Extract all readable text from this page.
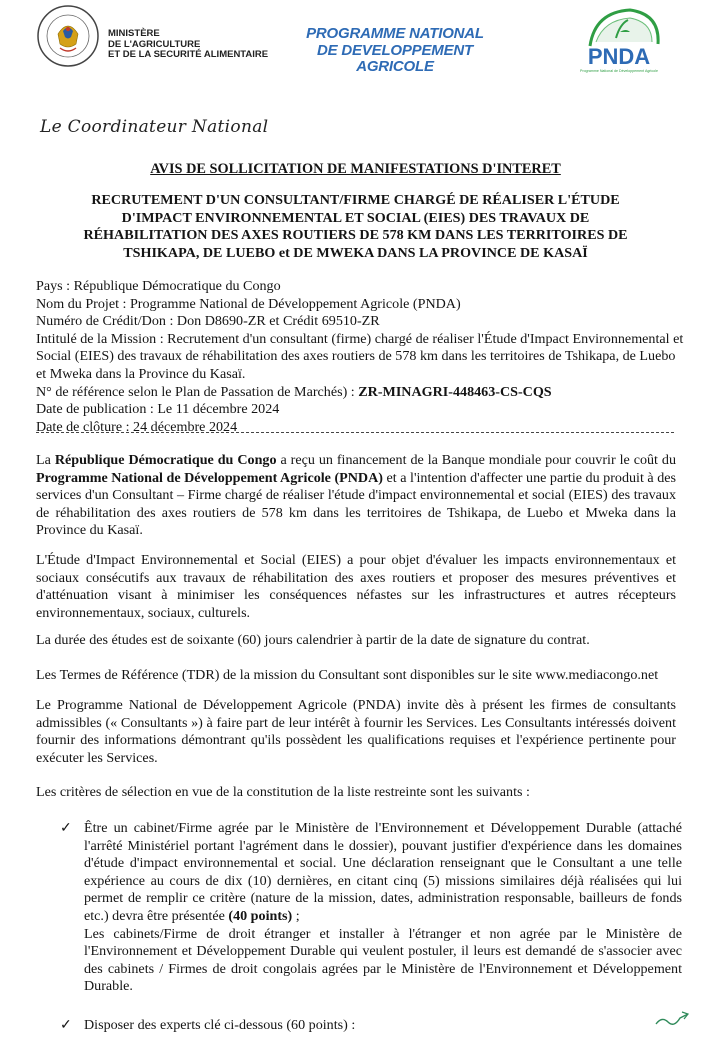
MINISTÈRE
DE L'AGRICULTURE
ET DE LA SECURITÉ ALIMENTAIRE
PROGRAMME NATIONAL
DE DEVELOPPEMENT
AGRICOLE	PNDA
Programme National de Développement Agricole
Le Coordinateur National
AVIS DE SOLLICITATION DE MANIFESTATIONS D'INTERET
RECRUTEMENT D'UN CONSULTANT/FIRME CHARGÉ DE RÉALISER L'ÉTUDE
D'IMPACT ENVIRONNEMENTAL ET SOCIAL (EIES) DES TRAVAUX DE
RÉHABILITATION DES AXES ROUTIERS DE 578 KM DANS LES TERRITOIRES DE
TSHIKAPA, DE LUEBO et DE MWEKA DANS LA PROVINCE DE KASAÏ
Pays : République Démocratique du Congo
Nom du Projet : Programme National de Développement Agricole (PNDA)
Numéro de Crédit/Don : Don D8690-ZR et Crédit 69510-ZR
Intitulé de la Mission : Recrutement d'un consultant (firme) chargé de réaliser l'Étude d'Impact Environnemental et Social (EIES) des travaux de réhabilitation des axes routiers de 578 km dans les territoires de Tshikapa, de Luebo et Mweka dans la Province du Kasaï.
N° de référence selon le Plan de Passation de Marchés) : ZR-MINAGRI-448463-CS-CQS
Date de publication : Le 11 décembre 2024
Date de clôture : 24 décembre 2024
La République Démocratique du Congo a reçu un financement de la Banque mondiale pour couvrir le coût du Programme National de Développement Agricole (PNDA) et a l'intention d'affecter une partie du produit à des services d'un Consultant – Firme chargé de réaliser l'étude d'impact environnemental et social (EIES) des travaux de réhabilitation des axes routiers de 578 km dans les territoires de Tshikapa, de Luebo et Mweka dans la Province du Kasaï.
L'Étude d'Impact Environnemental et Social (EIES) a pour objet d'évaluer les impacts environnementaux et sociaux consécutifs aux travaux de réhabilitation des axes routiers et proposer des mesures préventives et d'atténuation visant à minimiser les conséquences néfastes sur les infrastructures et autres récepteurs environnementaux, sociaux, culturels.
La durée des études est de soixante (60) jours calendrier à partir de la date de signature du contrat.
Les Termes de Référence (TDR) de la mission du Consultant sont disponibles sur le site www.mediacongo.net
Le Programme National de Développement Agricole (PNDA) invite dès à présent les firmes de consultants admissibles (« Consultants ») à faire part de leur intérêt à fournir les Services. Les Consultants intéressés doivent fournir des informations démontrant qu'ils possèdent les qualifications requises et l'expérience pertinente pour exécuter les Services.
Les critères de sélection en vue de la constitution de la liste restreinte sont les suivants :
✓ Être un cabinet/Firme agrée par le Ministère de l'Environnement et Développement Durable (attaché l'arrêté Ministériel portant l'agrément dans le dossier), pouvant justifier d'expérience dans les domaines d'étude d'impact environnemental et social. Une déclaration renseignant que le Consultant a une telle expérience au cours de dix (10) dernières, en citant cinq (5) missions similaires déjà réalisées qui lui permet de remplir ce critère (nature de la mission, dates, administration responsable, bailleurs de fonds etc.) devra être présentée (40 points) ;
Les cabinets/Firme de droit étranger et installer à l'étranger et non agrée par le Ministère de l'Environnement et Développement Durable qui veulent postuler, il leurs est demandé de s'associer avec des cabinets / Firmes de droit congolais agrées par le Ministère de l'Environnement et Développement Durable.
✓ Disposer des experts clé ci-dessous (60 points) :
